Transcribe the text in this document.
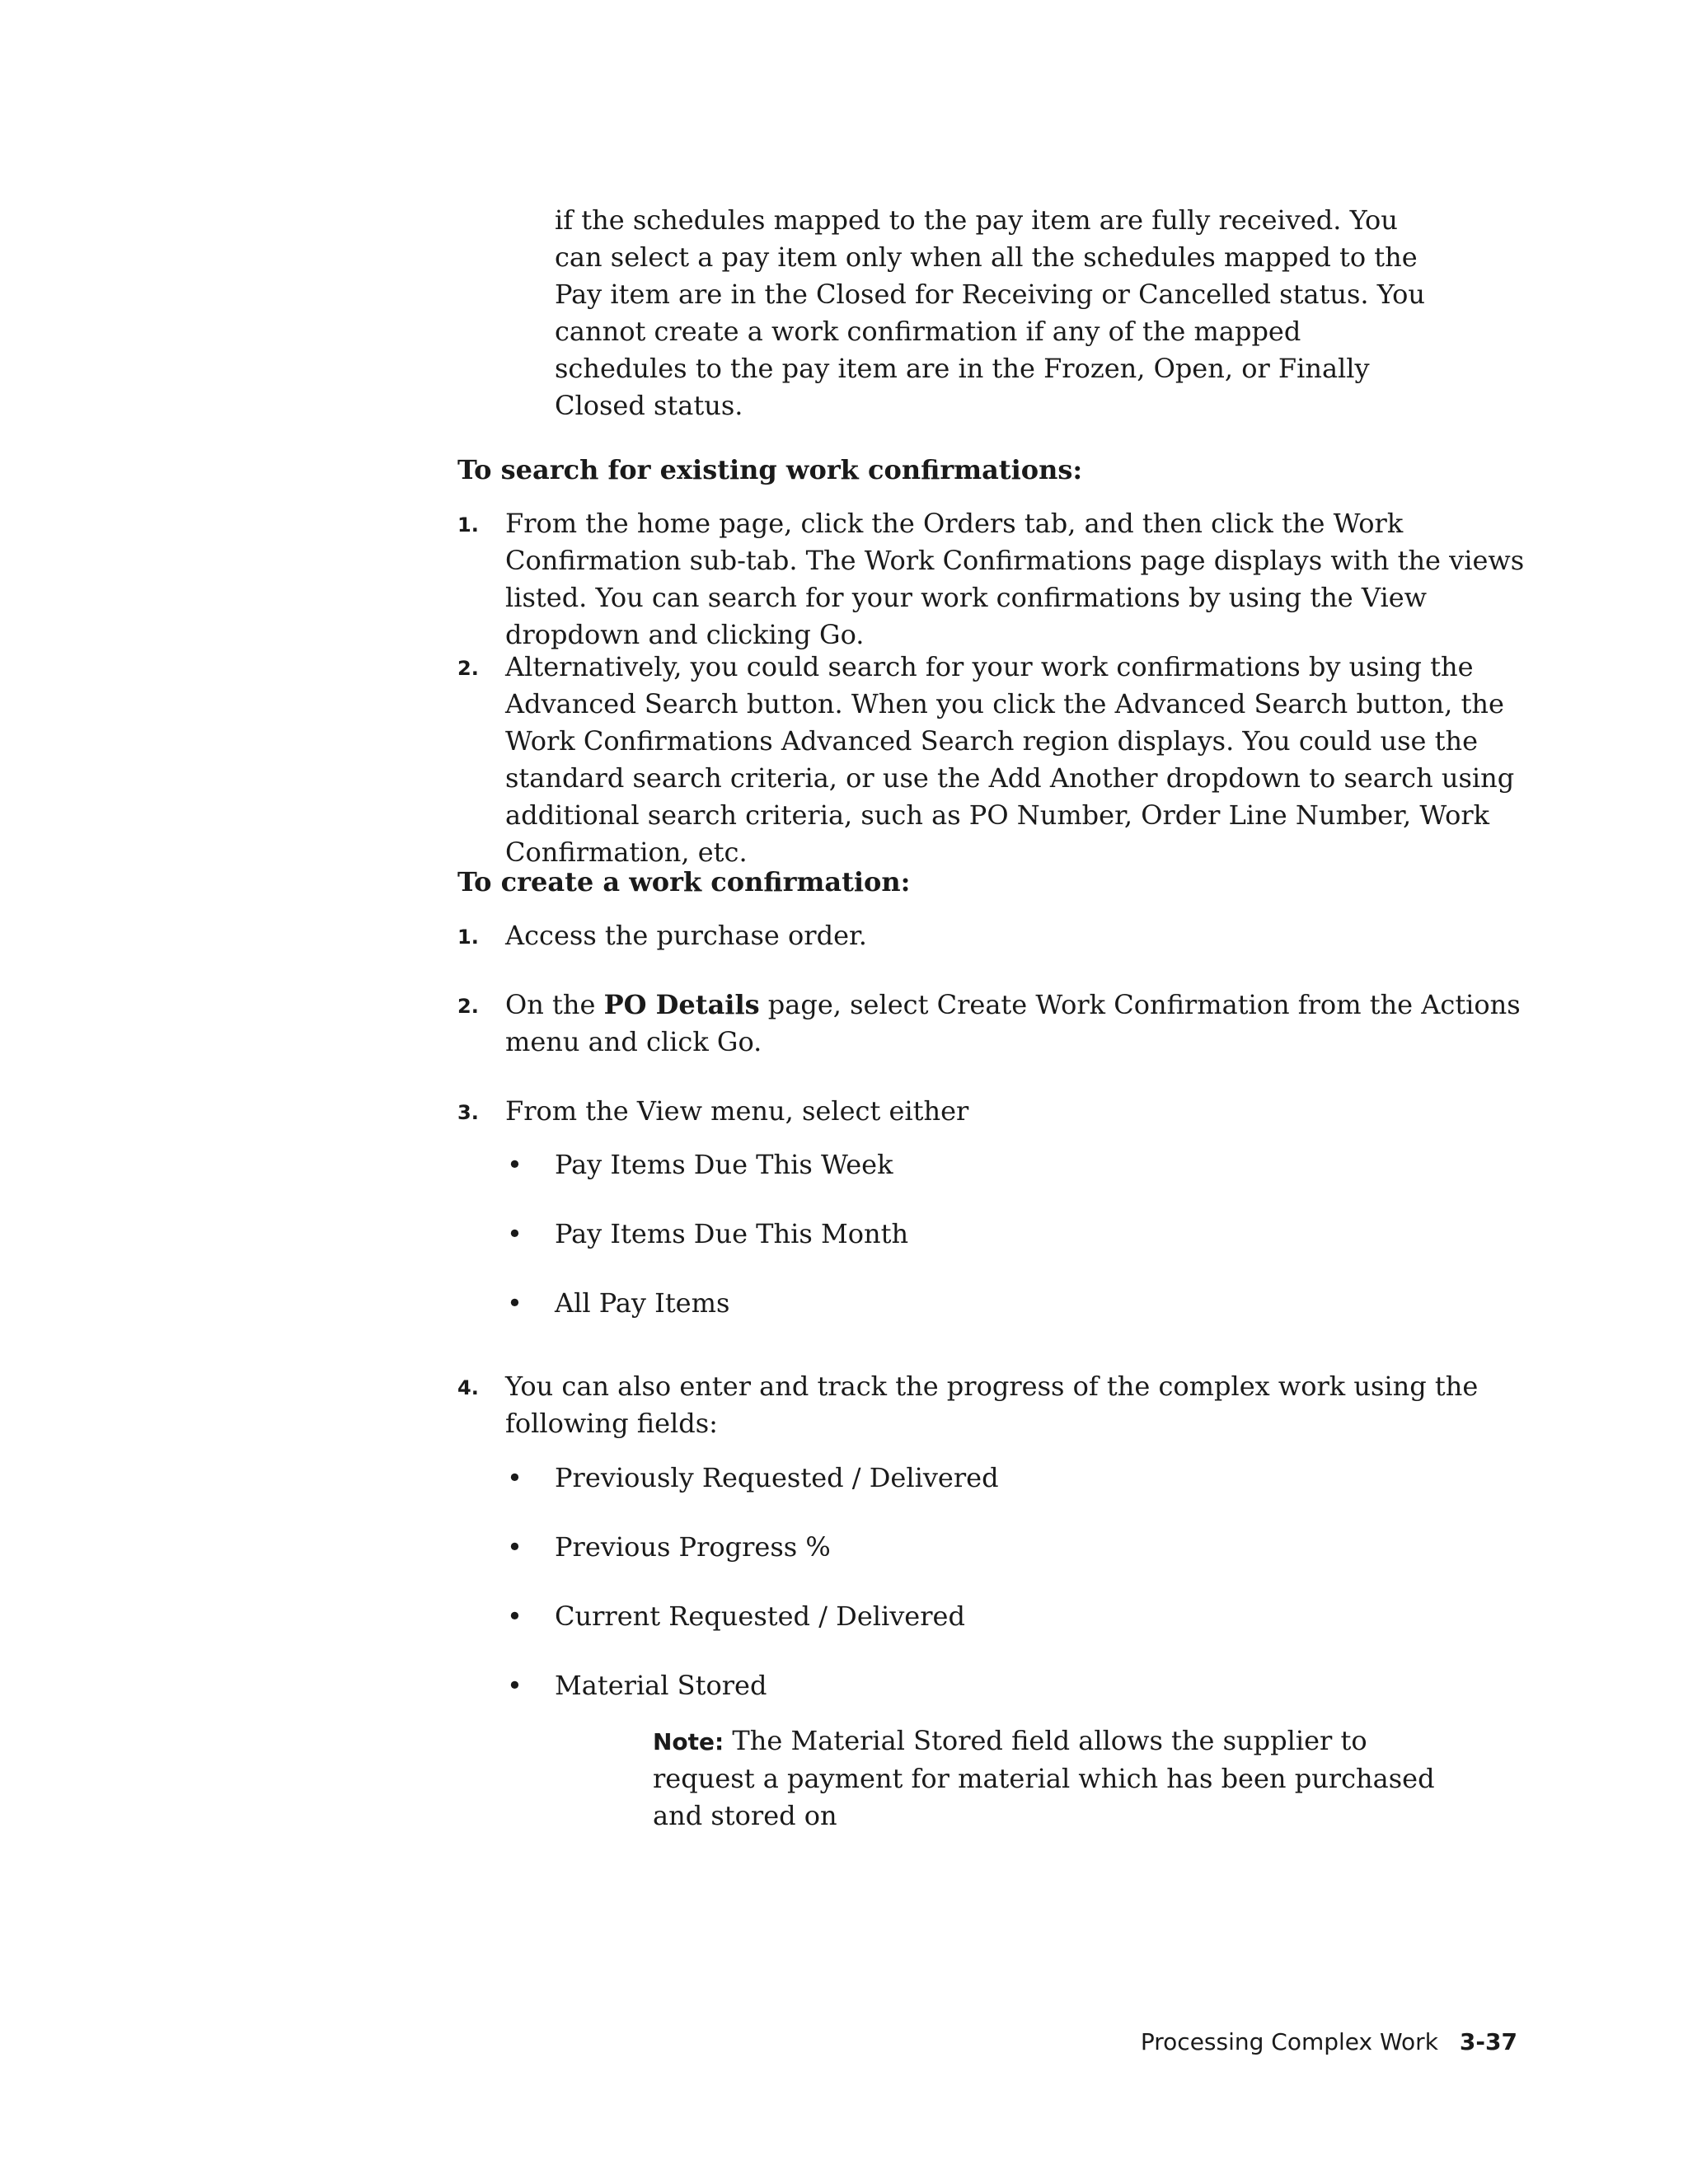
if the schedules mapped to the pay item are fully received. You can select a pay item only when all the schedules mapped to the Pay item are in the Closed for Receiving or Cancelled status. You cannot create a work confirmation if any of the mapped schedules to the pay item are in the Frozen, Open, or Finally Closed status.

To search for existing work confirmations:
1. From the home page, click the Orders tab, and then click the Work Confirmation sub-tab. The Work Confirmations page displays with the views listed. You can search for your work confirmations by using the View dropdown and clicking Go.
2. Alternatively, you could search for your work confirmations by using the Advanced Search button. When you click the Advanced Search button, the Work Confirmations Advanced Search region displays. You could use the standard search criteria, or use the Add Another dropdown to search using additional search criteria, such as PO Number, Order Line Number, Work Confirmation, etc.
To create a work confirmation:
1. Access the purchase order.
2. On the PO Details page, select Create Work Confirmation from the Actions menu and click Go.
3. From the View menu, select either
• Pay Items Due This Week
• Pay Items Due This Month
• All Pay Items
4. You can also enter and track the progress of the complex work using the following fields:
• Previously Requested / Delivered
• Previous Progress %
• Current Requested / Delivered
• Material Stored
Note: The Material Stored field allows the supplier to request a payment for material which has been purchased and stored on
Processing Complex Work 3-37
